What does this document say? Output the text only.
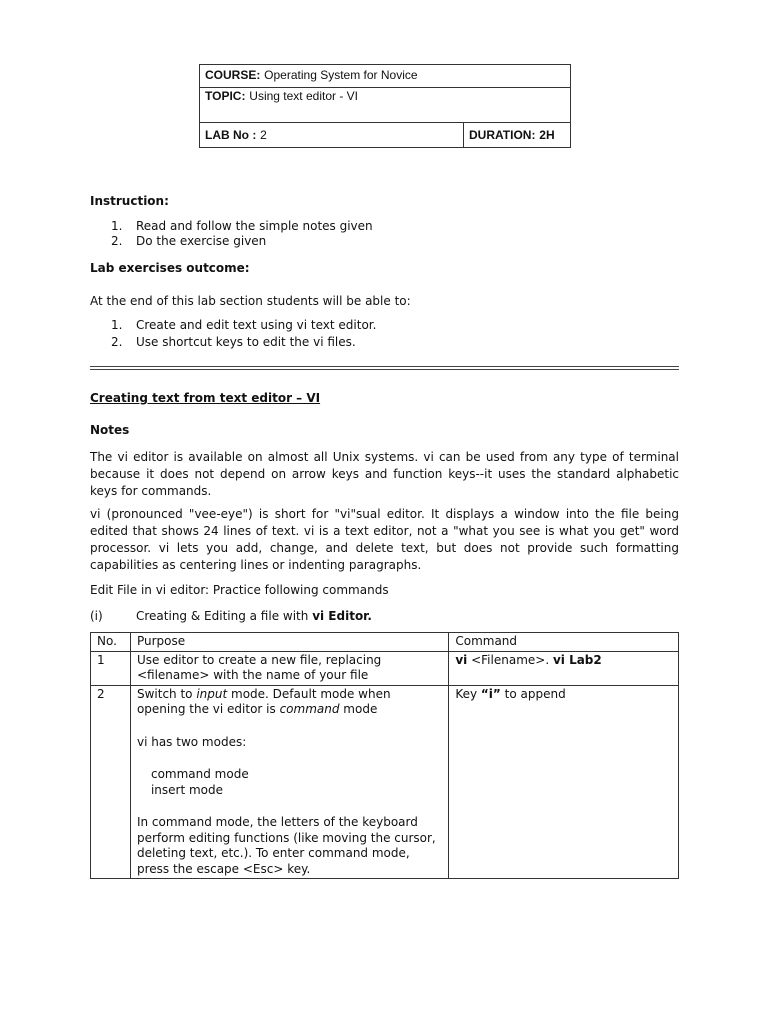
COURSE: Operating System for Novice
TOPIC: Using text editor - VI
LAB No : 2	DURATION: 2H
Instruction:
1. Read and follow the simple notes given
2. Do the exercise given
Lab exercises outcome:
At the end of this lab section students will be able to:
1. Create and edit text using vi text editor.
2. Use shortcut keys to edit the vi files.
Creating text from text editor – VI
Notes
The vi editor is available on almost all Unix systems. vi can be used from any type of terminal because it does not depend on arrow keys and function keys--it uses the standard alphabetic keys for commands.
vi (pronounced "vee-eye") is short for "vi"sual editor. It displays a window into the file being edited that shows 24 lines of text. vi is a text editor, not a "what you see is what you get" word processor. vi lets you add, change, and delete text, but does not provide such formatting capabilities as centering lines or indenting paragraphs.
Edit File in vi editor: Practice following commands
(i)	Creating & Editing a file with vi Editor.
No.	Purpose	Command
1	Use editor to create a new file, replacing <filename> with the name of your file	vi <Filename>. vi Lab2
2	Switch to input mode. Default mode when opening the vi editor is command mode
vi has two modes:
command mode
insert mode
In command mode, the letters of the keyboard perform editing functions (like moving the cursor, deleting text, etc.). To enter command mode, press the escape <Esc> key.	Key “i” to append
